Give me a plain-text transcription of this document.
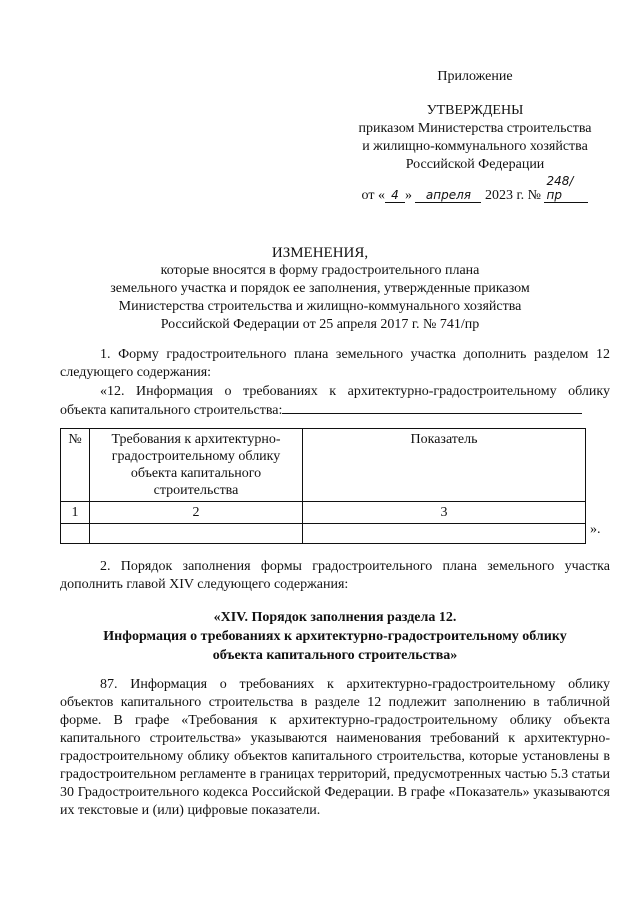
Приложение
УТВЕРЖДЕНЫ
приказом Министерства строительства
и жилищно-коммунального хозяйства
Российской Федерации
от « 4 » апреля 2023 г. № 248/пр
ИЗМЕНЕНИЯ,
которые вносятся в форму градостроительного плана
земельного участка и порядок ее заполнения, утвержденные приказом
Министерства строительства и жилищно-коммунального хозяйства
Российской Федерации от 25 апреля 2017 г. № 741/пр
1. Форму градостроительного плана земельного участка дополнить разделом 12 следующего содержания:
«12. Информация о требованиях к архитектурно-градостроительному облику объекта капитального строительства:
№	Требования к архитектурно-градостроительному облику объекта капитального строительства	Показатель
1	2	3

».
2. Порядок заполнения формы градостроительного плана земельного участка дополнить главой XIV следующего содержания:
«XIV. Порядок заполнения раздела 12.
Информация о требованиях к архитектурно-градостроительному облику
объекта капитального строительства»
87. Информация о требованиях к архитектурно-градостроительному облику объектов капитального строительства в разделе 12 подлежит заполнению в табличной форме. В графе «Требования к архитектурно-градостроительному облику объекта капитального строительства» указываются наименования требований к архитектурно-градостроительному облику объектов капитального строительства, которые установлены в градостроительном регламенте в границах территорий, предусмотренных частью 5.3 статьи 30 Градостроительного кодекса Российской Федерации. В графе «Показатель» указываются их текстовые и (или) цифровые показатели.
